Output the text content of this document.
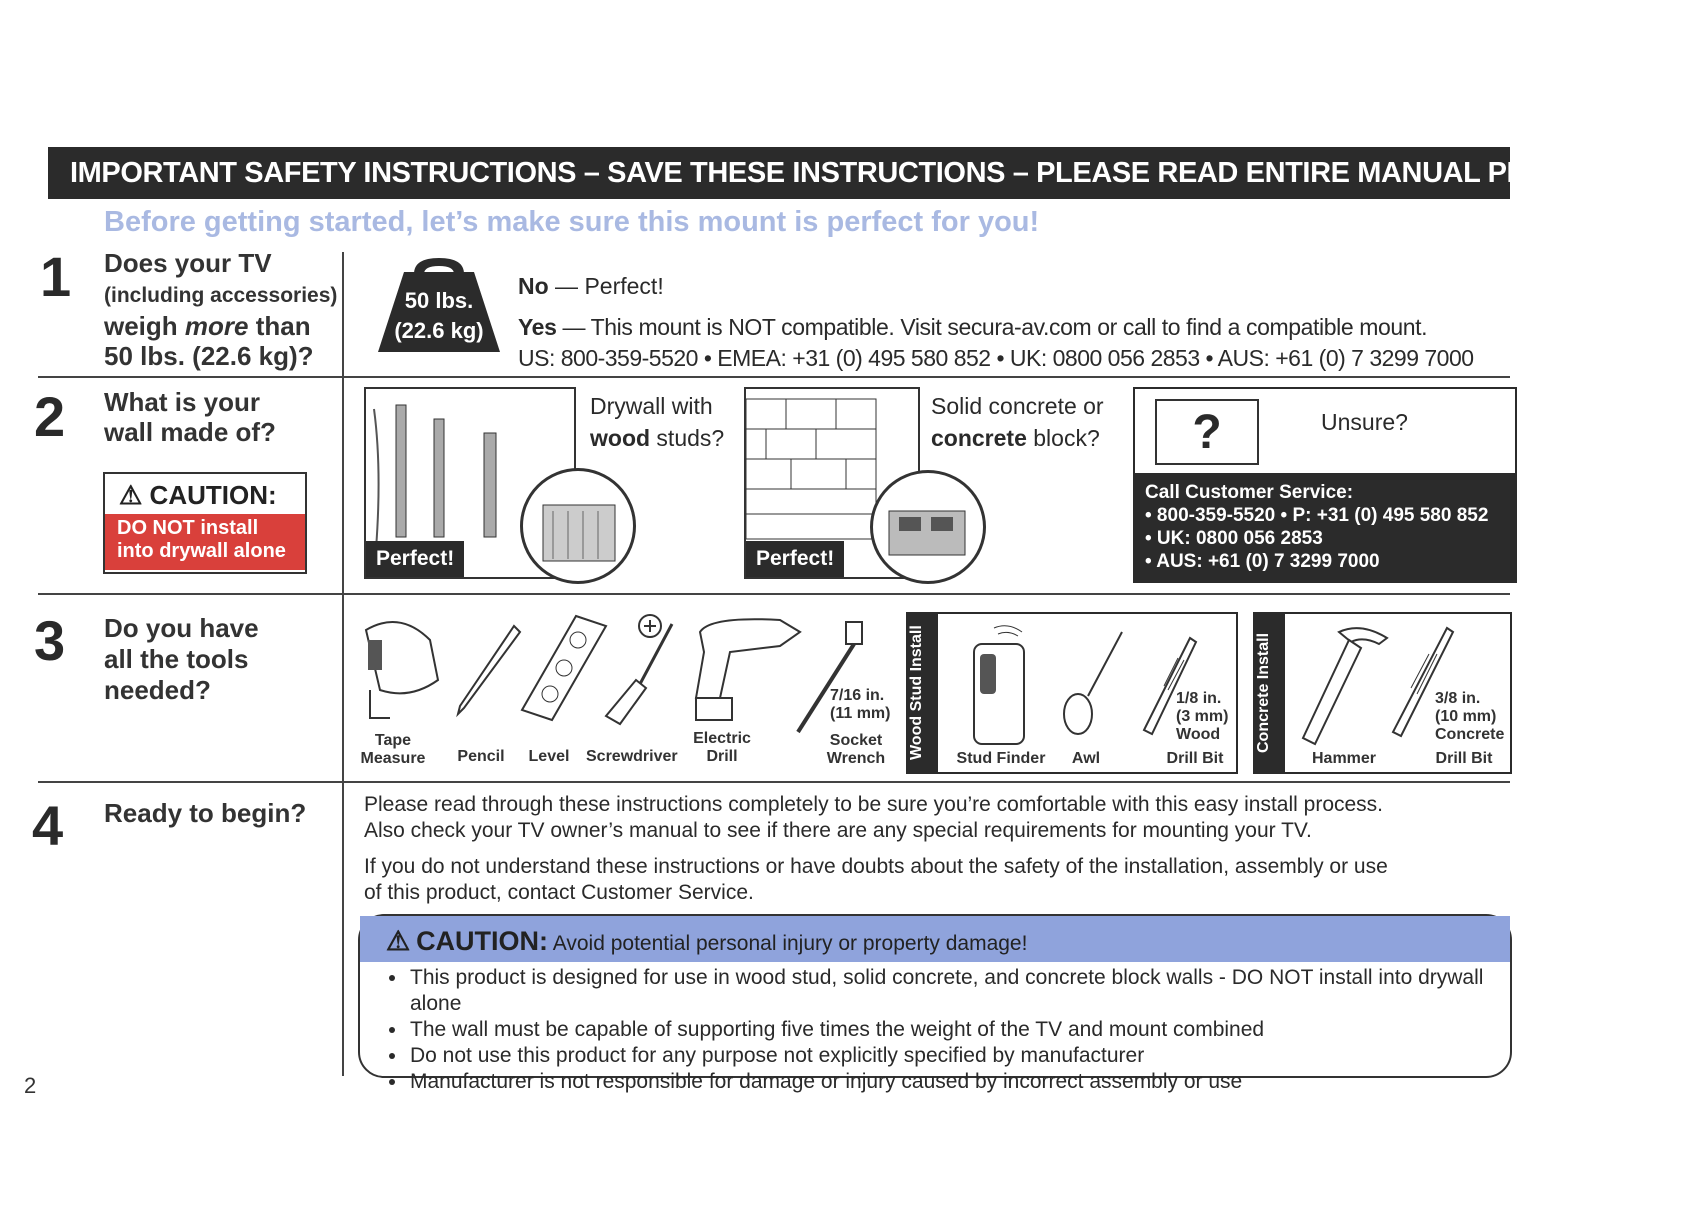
IMPORTANT SAFETY INSTRUCTIONS – SAVE THESE INSTRUCTIONS – PLEASE READ ENTIRE MANUAL PRIOR TO USE
Before getting started, let’s make sure this mount is perfect for you!
1 Does your TV
(including accessories)
weigh more than
50 lbs. (22.6 kg)?
50 lbs.
(22.6 kg)
No — Perfect!
Yes — This mount is NOT compatible. Visit secura-av.com or call to find a compatible mount.
US: 800-359-5520 • EMEA: +31 (0) 495 580 852 • UK: 0800 056 2853 • AUS: +61 (0) 7 3299 7000
2 What is your
wall made of?
⚠ CAUTION:
DO NOT install
into drywall alone	Perfect!
Drywall with
wood studs?
Perfect!
Solid concrete or
concrete block?	?	Unsure?
Call Customer Service:
• 800-359-5520 • P: +31 (0) 495 580 852
• UK: 0800 056 2853
• AUS: +61 (0) 7 3299 7000
3 Do you have
all the tools
needed?
Tape
Measure	Pencil	Level Screwdriver
Electric
Drill
7/16 in.
(11 mm)
Socket
Wrench Wood Stud Install	Stud Finder Awl
1/8 in.
(3 mm)
Wood
Drill Bit
Concrete Install
Hammer
3/8 in.
(10 mm)
Concrete
Drill Bit
4 Ready to begin?	Please read through these instructions completely to be sure you’re comfortable with this easy install process.
Also check your TV owner’s manual to see if there are any special requirements for mounting your TV.
If you do not understand these instructions or have doubts about the safety of the installation, assembly or use
of this product, contact Customer Service.
⚠ CAUTION: Avoid potential personal injury or property damage!
• This product is designed for use in wood stud, solid concrete, and concrete block walls - DO NOT install into drywall alone
• The wall must be capable of supporting five times the weight of the TV and mount combined
• Do not use this product for any purpose not explicitly specified by manufacturer
• Manufacturer is not responsible for damage or injury caused by incorrect assembly or use
2
